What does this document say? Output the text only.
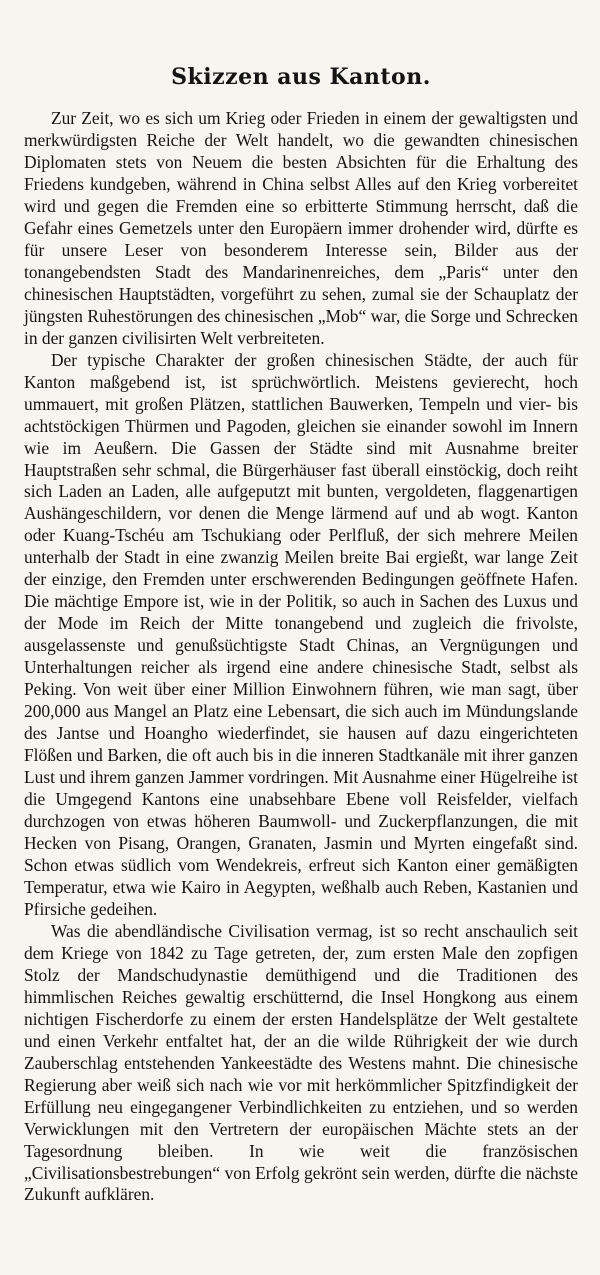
Skizzen aus Kanton.

Zur Zeit, wo es sich um Krieg oder Frieden in einem der gewaltigsten und merkwürdigsten Reiche der Welt handelt, wo die gewandten chinesischen Diplomaten stets von Neuem die besten Absichten für die Erhaltung des Friedens kundgeben, während in China selbst Alles auf den Krieg vorbereitet wird und gegen die Fremden eine so erbitterte Stimmung herrscht, daß die Gefahr eines Gemetzels unter den Europäern immer drohender wird, dürfte es für unsere Leser von besonderem Interesse sein, Bilder aus der tonangebendsten Stadt des Mandarinenreiches, dem „Paris“ unter den chinesischen Hauptstädten, vorgeführt zu sehen, zumal sie der Schauplatz der jüngsten Ruhestörungen des chinesischen „Mob“ war, die Sorge und Schrecken in der ganzen civilisirten Welt verbreiteten.

Der typische Charakter der großen chinesischen Städte, der auch für Kanton maßgebend ist, ist sprüchwörtlich. Meistens gevierecht, hoch ummauert, mit großen Plätzen, stattlichen Bauwerken, Tempeln und vier- bis achtstöckigen Thürmen und Pagoden, gleichen sie einander sowohl im Innern wie im Aeußern. Die Gassen der Städte sind mit Ausnahme breiter Hauptstraßen sehr schmal, die Bürgerhäuser fast überall einstöckig, doch reiht sich Laden an Laden, alle aufgeputzt mit bunten, vergoldeten, flaggenartigen Aushängeschildern, vor denen die Menge lärmend auf und ab wogt. Kanton oder Kuang-Tschéu am Tschukiang oder Perlfluß, der sich mehrere Meilen unterhalb der Stadt in eine zwanzig Meilen breite Bai ergießt, war lange Zeit der einzige, den Fremden unter erschwerenden Bedingungen geöffnete Hafen. Die mächtige Empore ist, wie in der Politik, so auch in Sachen des Luxus und der Mode im Reich der Mitte tonangebend und zugleich die frivolste, ausgelassenste und genußsüchtigste Stadt Chinas, an Vergnügungen und Unterhaltungen reicher als irgend eine andere chinesische Stadt, selbst als Peking. Von weit über einer Million Einwohnern führen, wie man sagt, über 200,000 aus Mangel an Platz eine Lebensart, die sich auch im Mündungslande des Jantse und Hoangho wiederfindet, sie hausen auf dazu eingerichteten Flößen und Barken, die oft auch bis in die inneren Stadtkanäle mit ihrer ganzen Lust und ihrem ganzen Jammer vordringen. Mit Ausnahme einer Hügelreihe ist die Umgegend Kantons eine unabsehbare Ebene voll Reisfelder, vielfach durchzogen von etwas höheren Baumwoll- und Zuckerpflanzungen, die mit Hecken von Pisang, Orangen, Granaten, Jasmin und Myrten eingefaßt sind. Schon etwas südlich vom Wendekreis, erfreut sich Kanton einer gemäßigten Temperatur, etwa wie Kairo in Aegypten, weßhalb auch Reben, Kastanien und Pfirsiche gedeihen.

Was die abendländische Civilisation vermag, ist so recht anschaulich seit dem Kriege von 1842 zu Tage getreten, der, zum ersten Male den zopfigen Stolz der Mandschudynastie demüthigend und die Traditionen des himmlischen Reiches gewaltig erschütternd, die Insel Hongkong aus einem nichtigen Fischerdorfe zu einem der ersten Handelsplätze der Welt gestaltete und einen Verkehr entfaltet hat, der an die wilde Rührigkeit der wie durch Zauberschlag entstehenden Yankeestädte des Westens mahnt. Die chinesische Regierung aber weiß sich nach wie vor mit herkömmlicher Spitzfindigkeit der Erfüllung neu eingegangener Verbindlichkeiten zu entziehen, und so werden Verwicklungen mit den Vertretern der europäischen Mächte stets an der Tagesordnung bleiben. In wie weit die französischen „Civilisationsbestrebungen“ von Erfolg gekrönt sein werden, dürfte die nächste Zukunft aufklären.
